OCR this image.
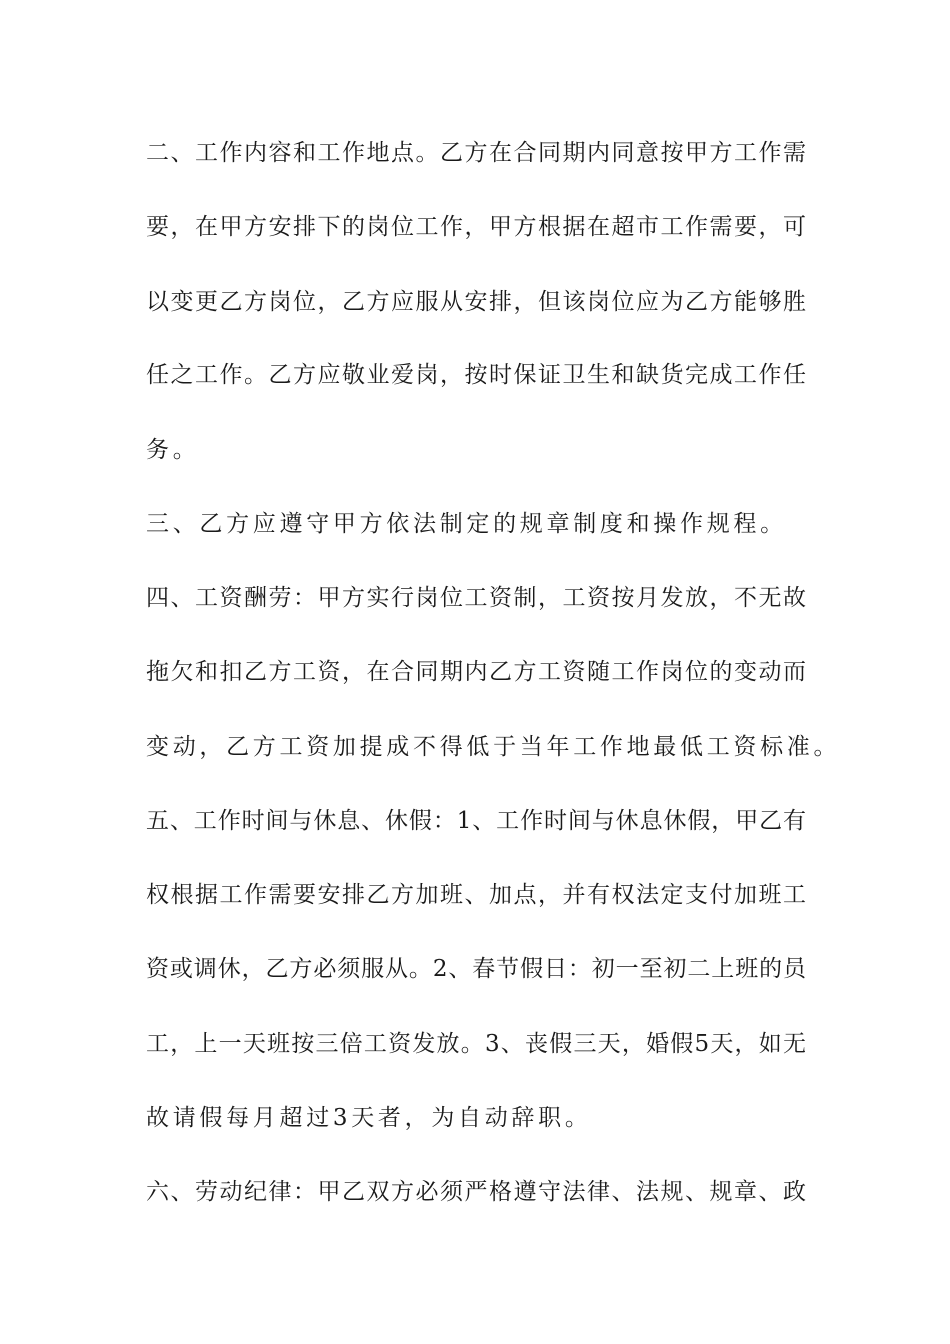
二、工作内容和工作地点。乙方在合同期内同意按甲方工作需
要，在甲方安排下的岗位工作，甲方根据在超市工作需要，可
以变更乙方岗位，乙方应服从安排，但该岗位应为乙方能够胜
任之工作。乙方应敬业爱岗，按时保证卫生和缺货完成工作任
务。
三、乙方应遵守甲方依法制定的规章制度和操作规程。
四、工资酬劳：甲方实行岗位工资制，工资按月发放，不无故
拖欠和扣乙方工资，在合同期内乙方工资随工作岗位的变动而
变动，乙方工资加提成不得低于当年工作地最低工资标准。
五、工作时间与休息、休假：1、工作时间与休息休假，甲乙有
权根据工作需要安排乙方加班、加点，并有权法定支付加班工
资或调休，乙方必须服从。2、春节假日：初一至初二上班的员
工，上一天班按三倍工资发放。3、丧假三天，婚假5天，如无
故请假每月超过3天者，为自动辞职。
六、劳动纪律：甲乙双方必须严格遵守法律、法规、规章、政
